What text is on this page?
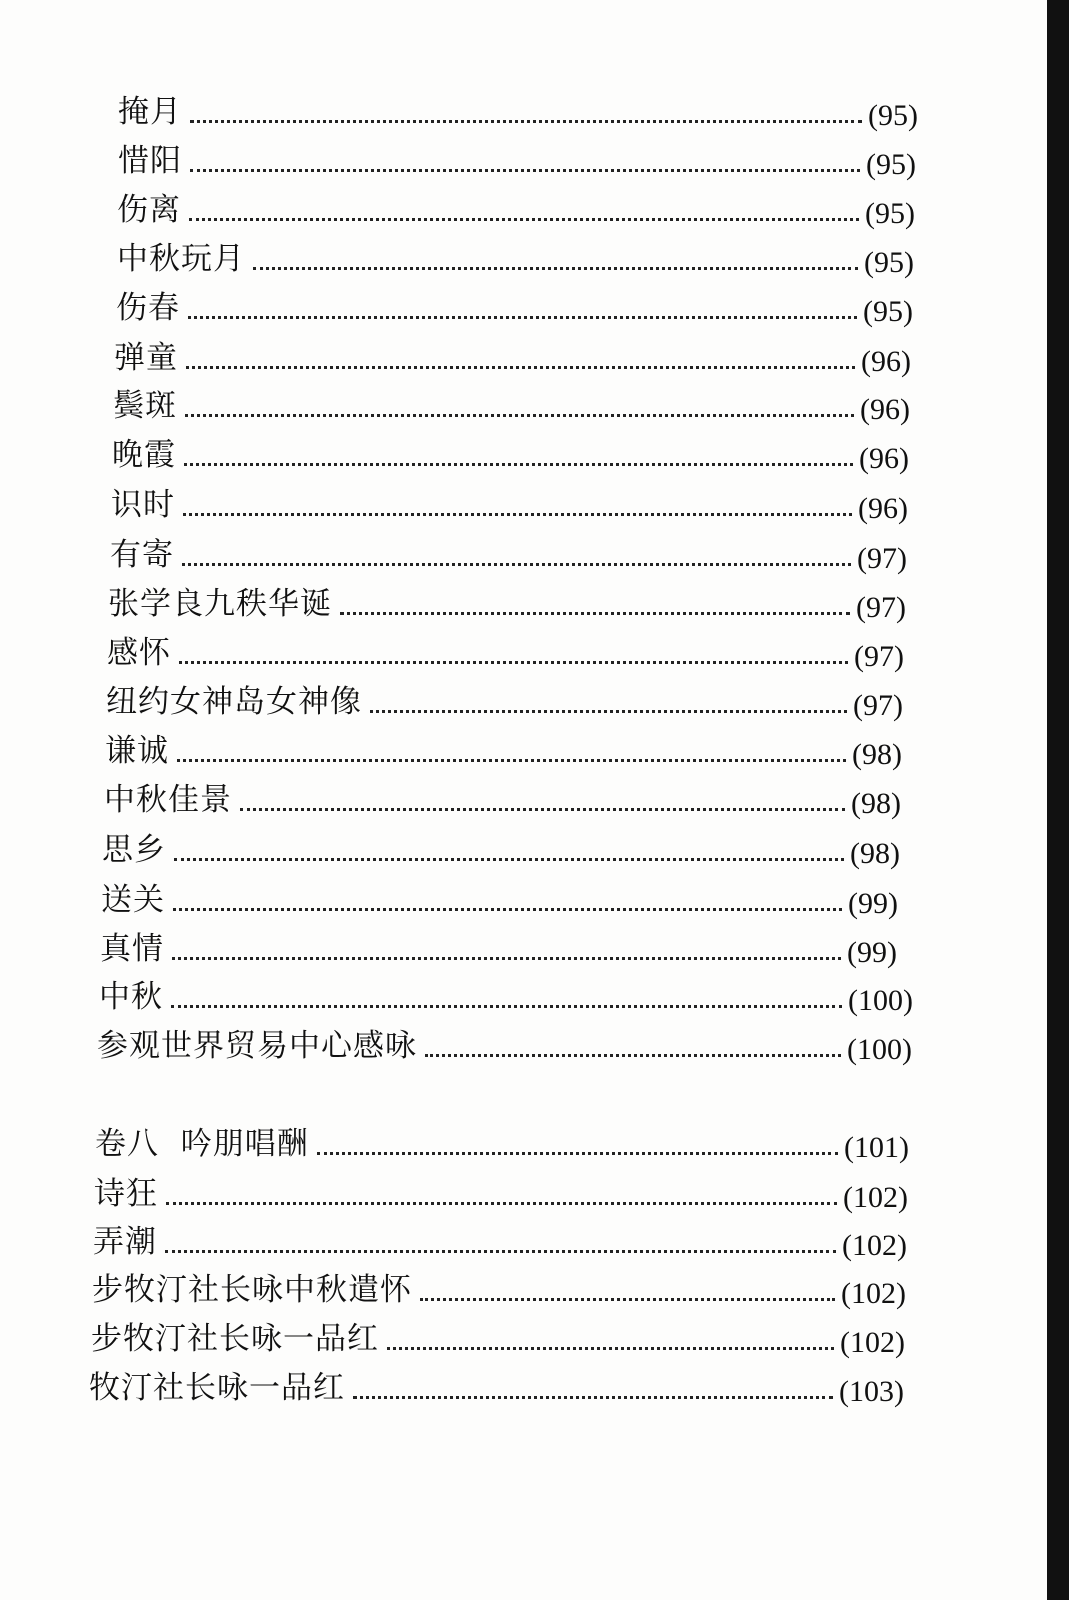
掩月	(95)
惜阳	(95)
伤离	(95)
中秋玩月	(95)
伤春	(95)
弹童	(96)
鬓斑	(96)
晚霞	(96)
识时	(96)
有寄	(97)
张学良九秩华诞	(97)
感怀	(97)
纽约女神岛女神像	(97)
谦诚	(98)
中秋佳景	(98)
思乡	(98)
送关	(99)
真情	(99)
中秋	(100)
参观世界贸易中心感咏	(100)
卷八  吟朋唱酬	(101)
诗狂	(102)
弄潮	(102)
步牧汀社长咏中秋遣怀	(102)
步牧汀社长咏一品红	(102)
牧汀社长咏一品红	(103)
